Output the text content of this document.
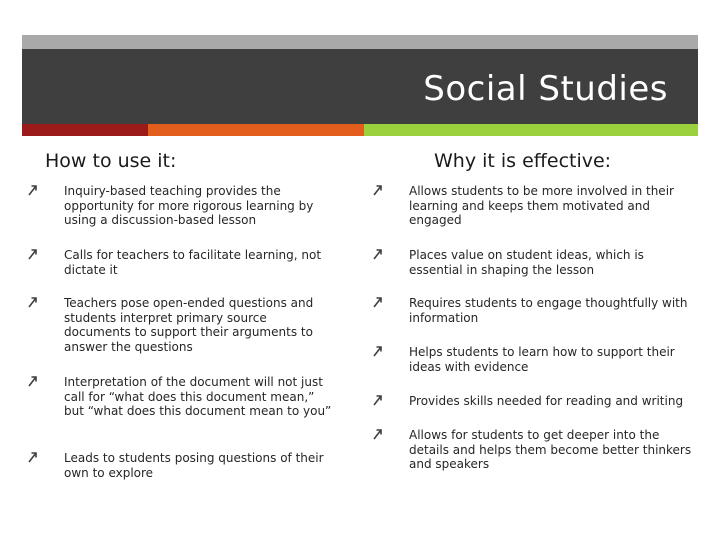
Social Studies
How to use it:	Why it is effective:
Inquiry-based teaching provides the opportunity for more rigorous learning by using a discussion-based lesson
Calls for teachers to facilitate learning, not dictate it
Teachers pose open-ended questions and students interpret primary source documents to support their arguments to answer the questions
Interpretation of the document will not just call for “what does this document mean,” but “what does this document mean to you”
Leads to students posing questions of their own to explore
Allows students to be more involved in their learning and keeps them motivated and engaged
Places value on student ideas, which is essential in shaping the lesson
Requires students to engage thoughtfully with information
Helps students to learn how to support their ideas with evidence
Provides skills needed for reading and writing
Allows for students to get deeper into the details and helps them become better thinkers and speakers
